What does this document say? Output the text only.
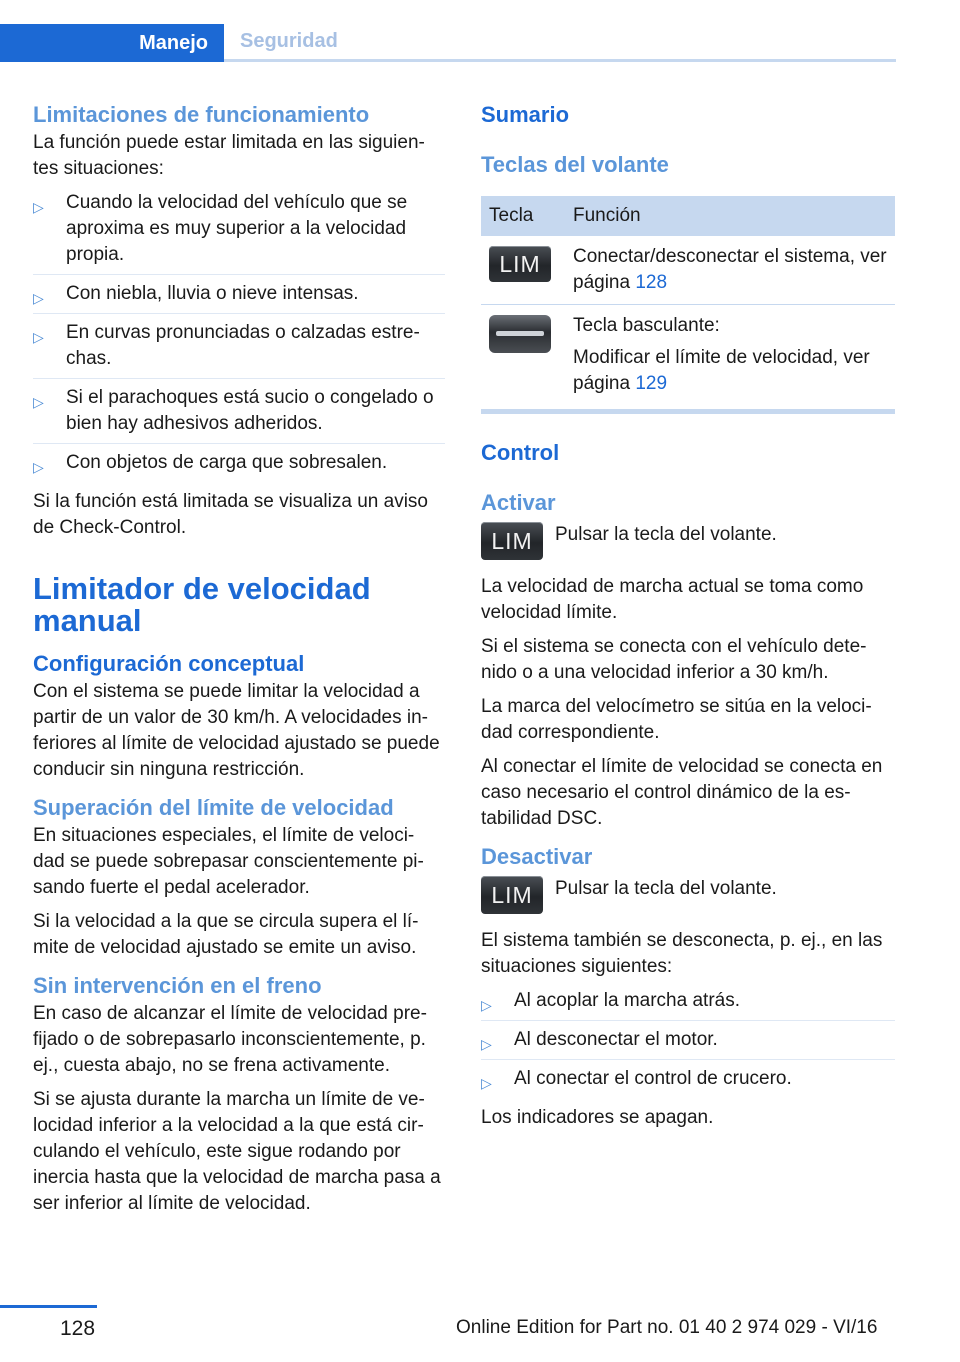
Manejo	Seguridad
Limitaciones de funcionamiento

La función puede estar limitada en las siguien-tes situaciones:

▷ Cuando la velocidad del vehículo que se aproxima es muy superior a la velocidad propia.
▷ Con niebla, lluvia o nieve intensas.
▷ En curvas pronunciadas o calzadas estre-chas.
▷ Si el parachoques está sucio o congelado o bien hay adhesivos adheridos.
▷ Con objetos de carga que sobresalen.

Si la función está limitada se visualiza un aviso de Check-Control.

Limitador de velocidad manual
Configuración conceptual

Con el sistema se puede limitar la velocidad a partir de un valor de 30 km/h. A velocidades in-feriores al límite de velocidad ajustado se puede conducir sin ninguna restricción.

Superación del límite de velocidad

En situaciones especiales, el límite de veloci-dad se puede sobrepasar conscientemente pi-sando fuerte el pedal acelerador.

Si la velocidad a la que se circula supera el lí-mite de velocidad ajustado se emite un aviso.

Sin intervención en el freno

En caso de alcanzar el límite de velocidad pre-fijado o de sobrepasarlo inconscientemente, p. ej., cuesta abajo, no se frena activamente.

Si se ajusta durante la marcha un límite de ve-locidad inferior a la velocidad a la que está cir-culando el vehículo, este sigue rodando por inercia hasta que la velocidad de marcha pasa a ser inferior al límite de velocidad.

Sumario
Teclas del volante
Tecla	Función

LIM	Conectar/desconectar el sistema, ver página 128

	Tecla basculante:
Modificar el límite de velocidad, ver página 129
Control
Activar
LIM	Pulsar la tecla del volante.

La velocidad de marcha actual se toma como velocidad límite.

Si el sistema se conecta con el vehículo dete-nido o a una velocidad inferior a 30 km/h.

La marca del velocímetro se sitúa en la veloci-dad correspondiente.

Al conectar el límite de velocidad se conecta en caso necesario el control dinámico de la es-tabilidad DSC.

Desactivar
LIM	Pulsar la tecla del volante.

El sistema también se desconecta, p. ej., en las situaciones siguientes:

▷ Al acoplar la marcha atrás.
▷ Al desconectar el motor.
▷ Al conectar el control de crucero.

Los indicadores se apagan.

128	Online Edition for Part no. 01 40 2 974 029 - VI/16
